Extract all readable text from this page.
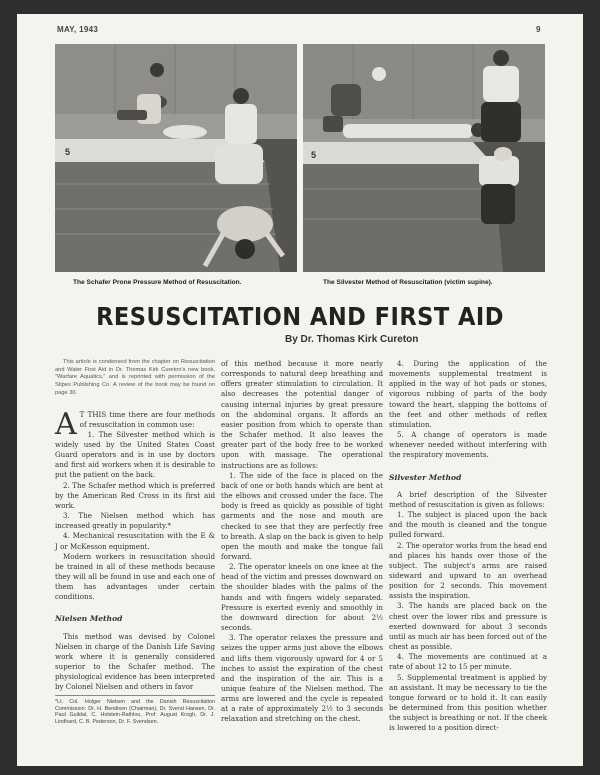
MAY, 1943	9
5	5
The Schafer Prone Pressure Method of Resuscitation.	The Silvester Method of Resuscitation (victim supine).
RESUSCITATION AND FIRST AID
By Dr. Thomas Kirk Cureton

This article is condensed from the chapter on Resuscitation and Water First Aid in Dr. Thomas Kirk Cureton's new book, "Warfare Aquatics," and is reprinted with permission of the Stipes Publishing Co. A review of the book may be found on page 30.

A T THIS time there are four methods of resuscitation in common use:

1. The Silvester method which is widely used by the United States Coast Guard operators and is in use by doctors and first aid workers when it is desirable to put the patient on the back.

2. The Schafer method which is preferred by the American Red Cross in its first aid work.

3. The Nielsen method which has increased greatly in popularity.*

4. Mechanical resuscitation with the E & J or McKesson equipment.

Modern workers in resuscitation should be trained in all of these methods because they will all be found in use and each one of them has advantages under certain conditions.

Nielsen Method

This method was devised by Colonel Nielsen in charge of the Danish Life Saving work where it is generally considered superior to the Schafer method. The physiological evidence has been interpreted by Colonel Nielsen and others in favor

*Lt. Col. Holger Nielsen and the Danish Resuscitation Commission: Dr. H. Bendixen (Chairman), Dr. Svend Hansen, Dr. Paul Guildal, C. Holstein-Rathlou, Prof. August Krogh, Dr. J. Lindhard, C. B. Pederson, Dr. F. Svendsen.

of this method because it more nearly corresponds to natural deep breathing and offers greater stimulation to circulation. It also decreases the potential danger of causing internal injuries by great pressure on the abdominal organs. It affords an easier position from which to operate than the Schafer method. It also leaves the greater part of the body free to be worked upon with massage. The operational instructions are as follows:

1. The side of the face is placed on the back of one or both hands which are bent at the elbows and crossed under the face. The body is freed as quickly as possible of tight garments and the nose and mouth are checked to see that they are perfectly free to breath. A slap on the back is given to help open the mouth and make the tongue fall forward.

2. The operator kneels on one knee at the head of the victim and presses downward on the shoulder blades with the palms of the hands and with fingers widely separated. Pressure is exerted evenly and smoothly in the downward direction for about 2½ seconds.

3. The operator relaxes the pressure and seizes the upper arms just above the elbows and lifts them vigorously upward for 4 or 5 inches to assist the expiration of the chest and the inspiration of the air. This is a unique feature of the Nielsen method. The arms are lowered and the cycle is repeated at a rate of approximately 2½ to 3 seconds relaxation and stretching on the chest.

4. During the application of the movements supplemental treatment is applied in the way of hot pads or stones, vigorous rubbing of parts of the body toward the heart, slapping the bottoms of the feet and other methods of reflex stimulation.

5. A change of operators is made whenever needed without interfering with the respiratory movements.

Silvester Method

A brief description of the Silvester method of resuscitation is given as follows:

1. The subject is placed upon the back and the mouth is cleaned and the tongue pulled forward.

2. The operator works from the head end and places his hands over those of the subject. The subject's arms are raised sideward and upward to an overhead position for 2 seconds. This movement assists the inspiration.

3. The hands are placed back on the chest over the lower ribs and pressure is exerted downward for about 3 seconds until as much air has been forced out of the chest as possible.

4. The movements are continued at a rate of about 12 to 15 per minute.

5. Supplemental treatment is applied by an assistant. It may be necessary to tie the tongue forward or to hold it. It can easily be determined from this position whether the subject is breathing or not. If the cheek is lowered to a position direct-
